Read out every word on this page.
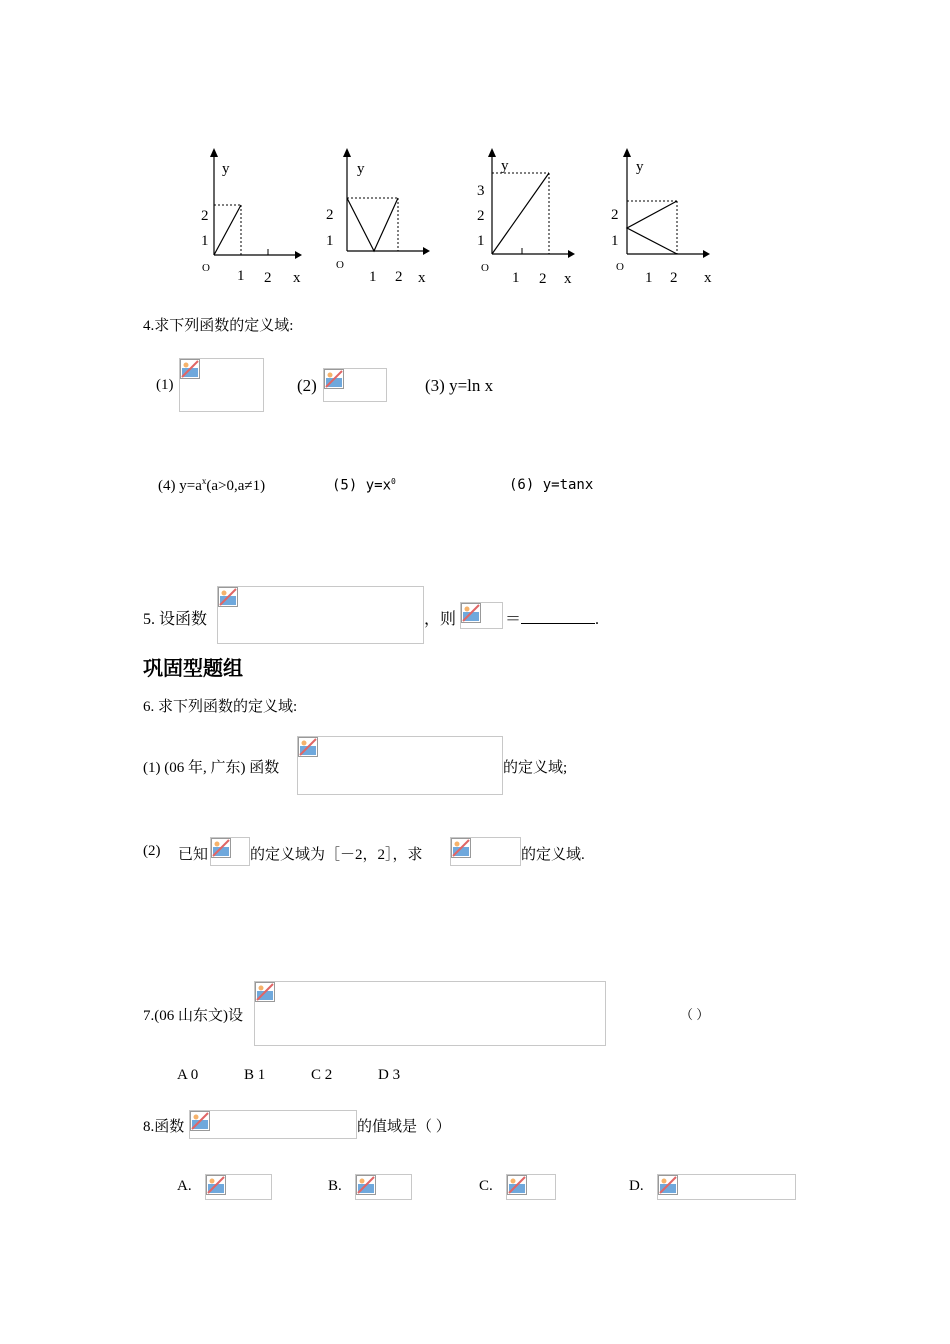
y
x
O
2
1
1 2
y
x
O
2
1
1 2
y
x
O
3
2
1
1 2
y
x
O
2
1
1 2
4.求下列函数的定义域:
(1)	(2)	(3) y=ln x
(4) $y=a^x(a>0,a\ne 1)$	(5) $y=x^0$	(6) y=tanx
5. 设函数	，则	＝	.
巩固型题组
6. 求下列函数的定义域:
(1) (06 年, 广东) 函数	的定义域;
(2) 已知	的定义域为［－2，2］，求	的定义域.
7.(06 山东文)设	（ ）
A 0	B 1	C 2	D 3
8.函数	的值域是（ ）
A.	B.	C.	D.
